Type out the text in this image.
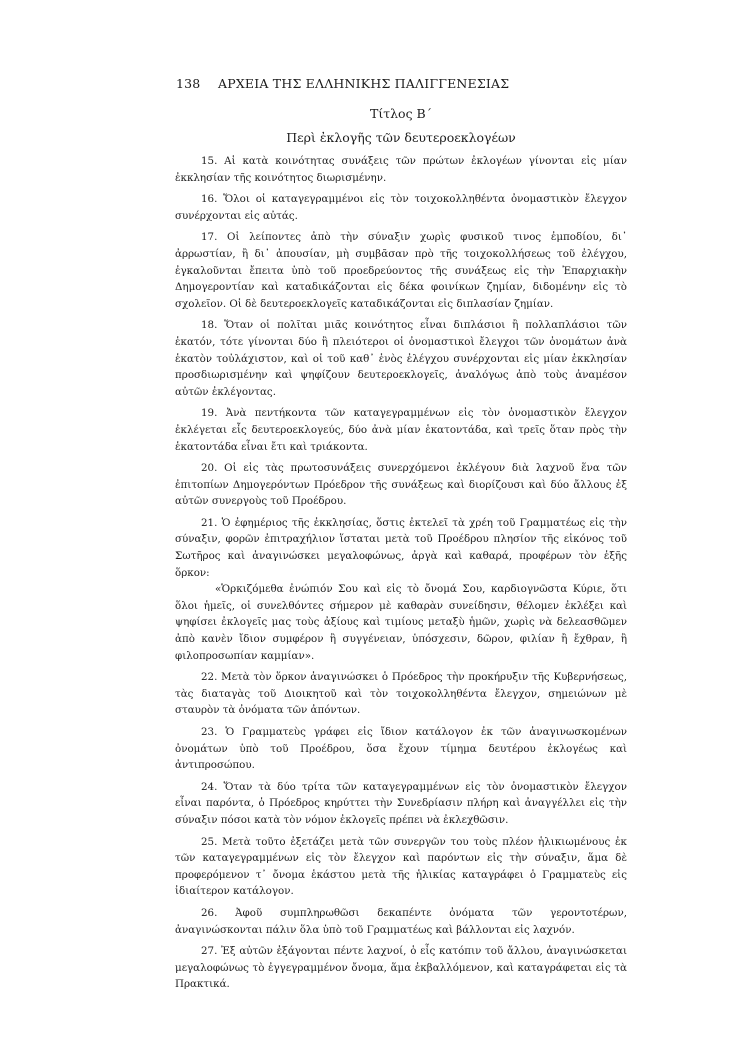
138 ΑΡΧΕΙΑ ΤΗΣ ΕΛΛΗΝΙΚΗΣ ΠΑΛΙΓΓΕΝΕΣΙΑΣ
Τίτλος Β΄
Περὶ ἐκλογῆς τῶν δευτεροεκλογέων

15. Αἱ κατὰ κοινότητας συνάξεις τῶν πρώτων ἐκλογέων γίνονται εἰς μίαν ἐκκλησίαν τῆς κοινότητος διωρισμένην.

16. Ὅλοι οἱ καταγεγραμμένοι εἰς τὸν τοιχοκολληθέντα ὀνομαστικὸν ἔλεγχον συνέρχονται εἰς αὐτάς.

17. Οἱ λείποντες ἀπὸ τὴν σύναξιν χωρὶς φυσικοῦ τινος ἐμποδίου, δι᾽ ἀρρωστίαν, ἢ δι᾽ ἀπουσίαν, μὴ συμβᾶσαν πρὸ τῆς τοιχοκολλήσεως τοῦ ἐλέγχου, ἐγκαλοῦνται ἔπειτα ὑπὸ τοῦ προεδρεύοντος τῆς συνάξεως εἰς τὴν Ἐπαρχιακὴν Δημογεροντίαν καὶ καταδικάζονται εἰς δέκα φοινίκων ζημίαν, διδομένην εἰς τὸ σχολεῖον. Οἱ δὲ δευτεροεκλογεῖς καταδικάζονται εἰς διπλασίαν ζημίαν.

18. Ὅταν οἱ πολῖται μιᾶς κοινότητος εἶναι διπλάσιοι ἢ πολλαπλάσιοι τῶν ἑκατόν, τότε γίνονται δύο ἢ πλειότεροι οἱ ὀνομαστικοὶ ἔλεγχοι τῶν ὀνομάτων ἀνὰ ἑκατὸν τοὐλάχιστον, καὶ οἱ τοῦ καθ᾽ ἑνὸς ἐλέγχου συνέρχονται εἰς μίαν ἐκκλησίαν προσδιωρισμένην καὶ ψηφίζουν δευτεροεκλογεῖς, ἀναλόγως ἀπὸ τοὺς ἀναμέσον αὐτῶν ἐκλέγοντας.

19. Ἀνὰ πεντήκοντα τῶν καταγεγραμμένων εἰς τὸν ὀνομαστικὸν ἔλεγχον ἐκλέγεται εἷς δευτεροεκλογεύς, δύο ἀνὰ μίαν ἑκατοντάδα, καὶ τρεῖς ὅταν πρὸς τὴν ἑκατοντάδα εἶναι ἔτι καὶ τριάκοντα.

20. Οἱ εἰς τὰς πρωτοσυνάξεις συνερχόμενοι ἐκλέγουν διὰ λαχνοῦ ἕνα τῶν ἐπιτοπίων Δημογερόντων Πρόεδρον τῆς συνάξεως καὶ διορίζουσι καὶ δύο ἄλλους ἐξ αὐτῶν συνεργοὺς τοῦ Προέδρου.

21. Ὁ ἐφημέριος τῆς ἐκκλησίας, ὅστις ἐκτελεῖ τὰ χρέη τοῦ Γραμματέως εἰς τὴν σύναξιν, φορῶν ἐπιτραχήλιον ἵσταται μετὰ τοῦ Προέδρου πλησίον τῆς εἰκόνος τοῦ Σωτῆρος καὶ ἀναγινώσκει μεγαλοφώνως, ἀργὰ καὶ καθαρά, προφέρων τὸν ἑξῆς ὅρκον:

«Ὁρκιζόμεθα ἐνώπιόν Σου καὶ εἰς τὸ ὄνομά Σου, καρδιογνῶστα Κύριε, ὅτι ὅλοι ἡμεῖς, οἱ συνελθόντες σήμερον μὲ καθαρὰν συνείδησιν, θέλομεν ἐκλέξει καὶ ψηφίσει ἐκλογεῖς μας τοὺς ἀξίους καὶ τιμίους μεταξὺ ἡμῶν, χωρὶς νὰ δελεασθῶμεν ἀπὸ κανὲν ἴδιον συμφέρον ἢ συγγένειαν, ὑπόσχεσιν, δῶρον, φιλίαν ἢ ἔχθραν, ἢ φιλοπροσωπίαν καμμίαν».

22. Μετὰ τὸν ὅρκον ἀναγινώσκει ὁ Πρόεδρος τὴν προκήρυξιν τῆς Κυβερνήσεως, τὰς διαταγὰς τοῦ Διοικητοῦ καὶ τὸν τοιχοκολληθέντα ἔλεγχον, σημειώνων μὲ σταυρὸν τὰ ὀνόματα τῶν ἀπόντων.

23. Ὁ Γραμματεὺς γράφει εἰς ἴδιον κατάλογον ἐκ τῶν ἀναγινωσκομένων ὀνομάτων ὑπὸ τοῦ Προέδρου, ὅσα ἔχουν τίμημα δευτέρου ἐκλογέως καὶ ἀντιπροσώπου.

24. Ὅταν τὰ δύο τρίτα τῶν καταγεγραμμένων εἰς τὸν ὀνομαστικὸν ἔλεγχον εἶναι παρόντα, ὁ Πρόεδρος κηρύττει τὴν Συνεδρίασιν πλήρη καὶ ἀναγγέλλει εἰς τὴν σύναξιν πόσοι κατὰ τὸν νόμον ἐκλογεῖς πρέπει νὰ ἐκλεχθῶσιν.

25. Μετὰ τοῦτο ἐξετάζει μετὰ τῶν συνεργῶν του τοὺς πλέον ἡλικιωμένους ἐκ τῶν καταγεγραμμένων εἰς τὸν ἔλεγχον καὶ παρόντων εἰς τὴν σύναξιν, ἅμα δὲ προφερόμενον τ᾽ ὄνομα ἑκάστου μετὰ τῆς ἡλικίας καταγράφει ὁ Γραμματεὺς εἰς ἰδιαίτερον κατάλογον.

26. Ἀφοῦ συμπληρωθῶσι δεκαπέντε ὀνόματα τῶν γεροντοτέρων, ἀναγινώσκονται πάλιν ὅλα ὑπὸ τοῦ Γραμματέως καὶ βάλλονται εἰς λαχνόν.

27. Ἐξ αὐτῶν ἐξάγονται πέντε λαχνοί, ὁ εἷς κατόπιν τοῦ ἄλλου, ἀναγινώσκεται μεγαλοφώνως τὸ ἐγγεγραμμένον ὄνομα, ἅμα ἐκβαλλόμενον, καὶ καταγράφεται εἰς τὰ Πρακτικά.
